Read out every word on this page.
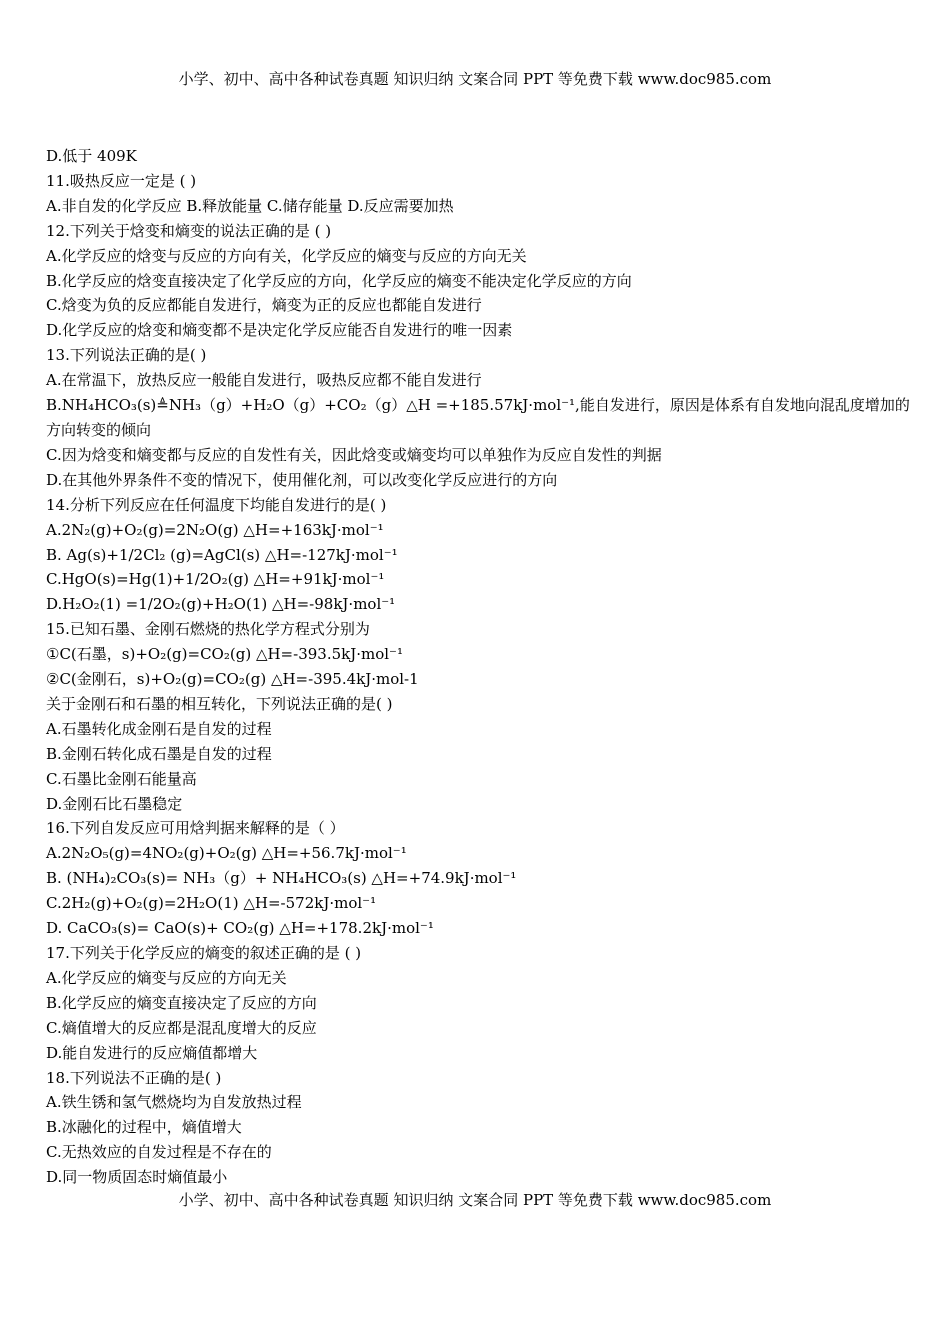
小学、初中、高中各种试卷真题 知识归纳 文案合同 PPT 等免费下载 www.doc985.com
D.低于 409K
11.吸热反应一定是 ( )
A.非自发的化学反应 B.释放能量 C.储存能量 D.反应需要加热
12.下列关于焓变和熵变的说法正确的是 ( )
A.化学反应的焓变与反应的方向有关，化学反应的熵变与反应的方向无关
B.化学反应的焓变直接决定了化学反应的方向，化学反应的熵变不能决定化学反应的方向
C.焓变为负的反应都能自发进行，熵变为正的反应也都能自发进行
D.化学反应的焓变和熵变都不是决定化学反应能否自发进行的唯一因素
13.下列说法正确的是( )
A.在常温下，放热反应一般能自发进行，吸热反应都不能自发进行
B.NH₄HCO₃(s)≜NH₃（g）+H₂O（g）+CO₂（g）△H =+185.57kJ·mol⁻¹,能自发进行，原因是体系有自发地向混乱度增加的方向转变的倾向
C.因为焓变和熵变都与反应的自发性有关，因此焓变或熵变均可以单独作为反应自发性的判据
D.在其他外界条件不变的情况下，使用催化剂，可以改变化学反应进行的方向
14.分析下列反应在任何温度下均能自发进行的是( )
A.2N₂(g)+O₂(g)=2N₂O(g) △H=+163kJ·mol⁻¹
B. Ag(s)+1/2Cl₂ (g)=AgCl(s) △H=-127kJ·mol⁻¹
C.HgO(s)=Hg(1)+1/2O₂(g) △H=+91kJ·mol⁻¹
D.H₂O₂(1) =1/2O₂(g)+H₂O(1) △H=-98kJ·mol⁻¹
15.已知石墨、金刚石燃烧的热化学方程式分别为
①C(石墨，s)+O₂(g)=CO₂(g) △H=-393.5kJ·mol⁻¹
②C(金刚石，s)+O₂(g)=CO₂(g) △H=-395.4kJ·mol-1
关于金刚石和石墨的相互转化，下列说法正确的是( )
A.石墨转化成金刚石是自发的过程
B.金刚石转化成石墨是自发的过程
C.石墨比金刚石能量高
D.金刚石比石墨稳定
16.下列自发反应可用焓判据来解释的是（ ）
A.2N₂O₅(g)=4NO₂(g)+O₂(g) △H=+56.7kJ·mol⁻¹
B. (NH₄)₂CO₃(s)= NH₃（g）+ NH₄HCO₃(s) △H=+74.9kJ·mol⁻¹
C.2H₂(g)+O₂(g)=2H₂O(1) △H=-572kJ·mol⁻¹
D. CaCO₃(s)= CaO(s)+ CO₂(g) △H=+178.2kJ·mol⁻¹
17.下列关于化学反应的熵变的叙述正确的是 ( )
A.化学反应的熵变与反应的方向无关
B.化学反应的熵变直接决定了反应的方向
C.熵值增大的反应都是混乱度增大的反应
D.能自发进行的反应熵值都增大
18.下列说法不正确的是( )
A.铁生锈和氢气燃烧均为自发放热过程
B.冰融化的过程中，熵值增大
C.无热效应的自发过程是不存在的
D.同一物质固态时熵值最小
小学、初中、高中各种试卷真题 知识归纳 文案合同 PPT 等免费下载 www.doc985.com
